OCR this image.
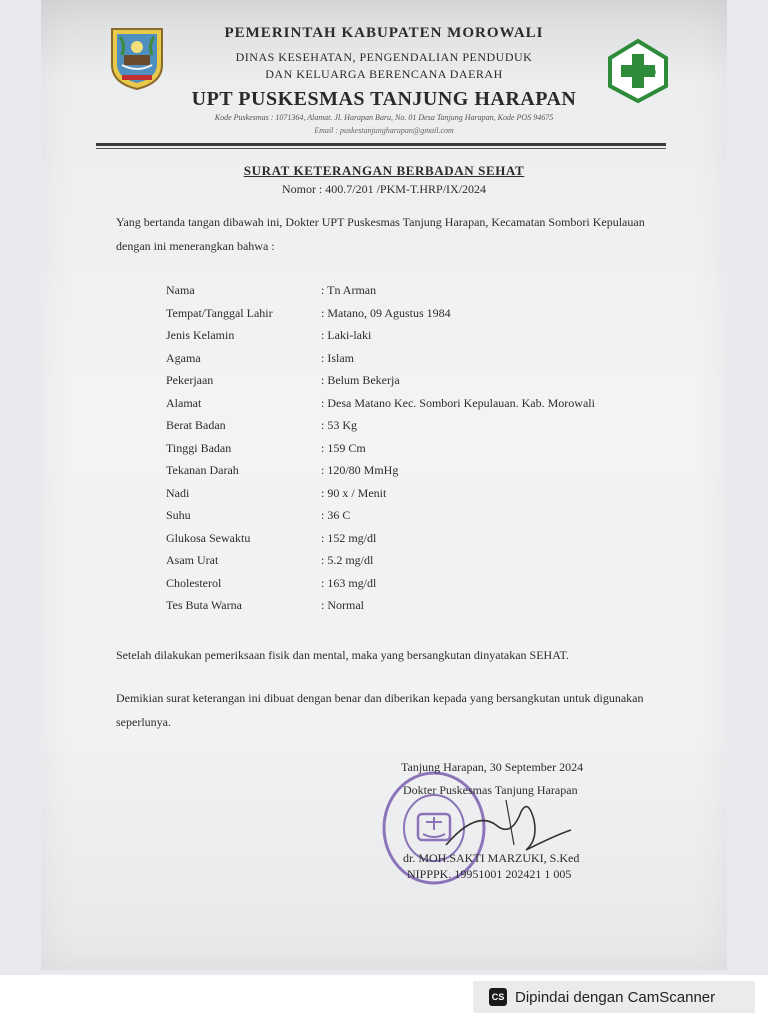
PEMERINTAH KABUPATEN MOROWALI
DINAS KESEHATAN, PENGENDALIAN PENDUDUK
DAN KELUARGA BERENCANA DAERAH
UPT PUSKESMAS TANJUNG HARAPAN
Kode Puskesmas : 1071364, Alamat. Jl. Harapan Baru, No. 01 Desa Tanjung Harapan, Kode POS 94675
Email : puskestanjungharapan@gmail.com
SURAT KETERANGAN BERBADAN SEHAT
Nomor : 400.7/201 /PKM-T.HRP/IX/2024
Yang bertanda tangan dibawah ini, Dokter UPT Puskesmas Tanjung Harapan, Kecamatan Sombori Kepulauan dengan ini menerangkan bahwa :
Nama	: Tn Arman
Tempat/Tanggal Lahir	: Matano, 09 Agustus 1984
Jenis Kelamin	: Laki-laki
Agama	: Islam
Pekerjaan	: Belum Bekerja
Alamat	: Desa Matano Kec. Sombori Kepulauan. Kab. Morowali
Berat Badan	: 53 Kg
Tinggi Badan	: 159 Cm
Tekanan Darah	: 120/80 MmHg
Nadi	: 90 x / Menit
Suhu	: 36 C
Glukosa Sewaktu	: 152 mg/dl
Asam Urat	: 5.2 mg/dl
Cholesterol	: 163 mg/dl
Tes Buta Warna	: Normal
Setelah dilakukan pemeriksaan fisik dan mental, maka yang bersangkutan dinyatakan SEHAT.
Demikian surat keterangan ini dibuat dengan benar dan diberikan kepada yang bersangkutan untuk digunakan seperlunya.
Tanjung Harapan, 30 September 2024
Dokter Puskesmas Tanjung Harapan
dr. MOH.SAKTI MARZUKI, S.Ked
NIPPPK. 19951001 202421 1 005
CS Dipindai dengan CamScanner
